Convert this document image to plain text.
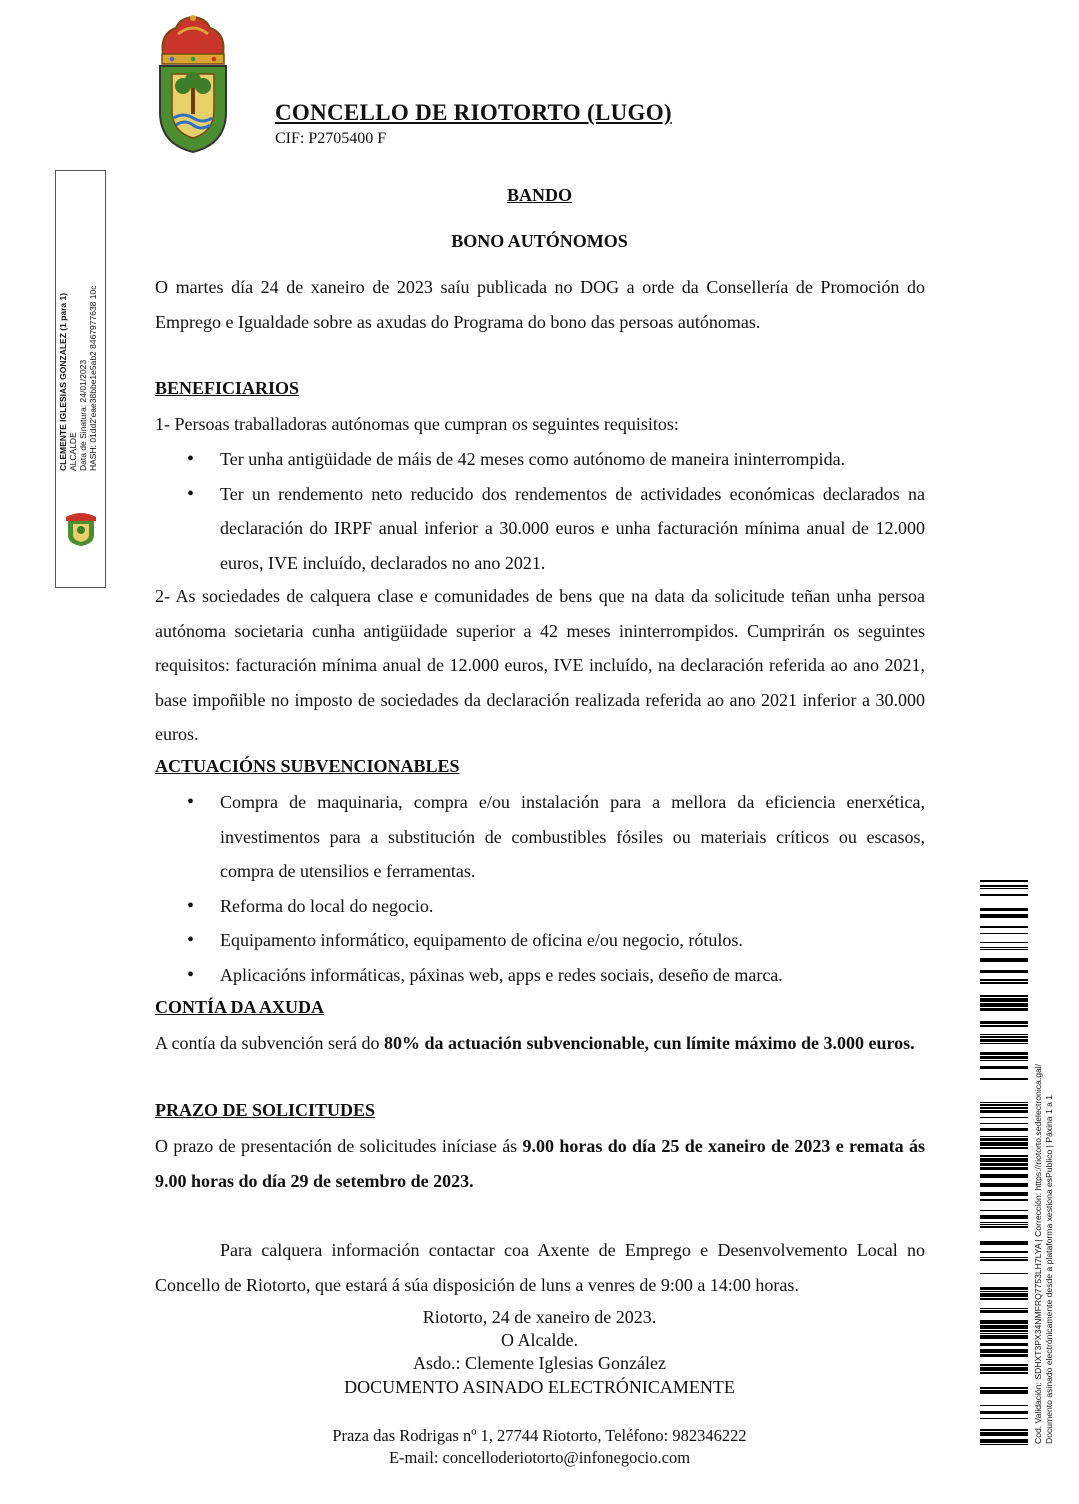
CONCELLO DE RIOTORTO (LUGO)
CIF: P2705400 F
CLEMENTE IGLESIAS GONZALEZ (1 para 1) ALCALDE Data de Sinatura: 24/01/2023 HASH: 01dd2'eae38bbe1e5ab2 8467977638 10c
BANDO
BONO AUTÓNOMOS

O martes día 24 de xaneiro de 2023 saíu publicada no DOG a orde da Consellería de Promoción do Emprego e Igualdade sobre as axudas do Programa do bono das persoas autónomas.

BENEFICIARIOS

1- Persoas traballadoras autónomas que cumpran os seguintes requisitos:

• Ter unha antigüidade de máis de 42 meses como autónomo de maneira ininterrompida.
• Ter un rendemento neto reducido dos rendementos de actividades económicas declarados na declaración do IRPF anual inferior a 30.000 euros e unha facturación mínima anual de 12.000 euros, IVE incluído, declarados no ano 2021.

2- As sociedades de calquera clase e comunidades de bens que na data da solicitude teñan unha persoa autónoma societaria cunha antigüidade superior a 42 meses ininterrompidos. Cumprirán os seguintes requisitos: facturación mínima anual de 12.000 euros, IVE incluído, na declaración referida ao ano 2021, base impoñible no imposto de sociedades da declaración realizada referida ao ano 2021 inferior a 30.000 euros.

ACTUACIÓNS SUBVENCIONABLES
• Compra de maquinaria, compra e/ou instalación para a mellora da eficiencia enerxética, investimentos para a substitución de combustibles fósiles ou materiais críticos ou escasos, compra de utensilios e ferramentas.
• Reforma do local do negocio.
• Equipamento informático, equipamento de oficina e/ou negocio, rótulos.
• Aplicacións informáticas, páxinas web, apps e redes sociais, deseño de marca.
CONTÍA DA AXUDA

A contía da subvención será do 80% da actuación subvencionable, cun límite máximo de 3.000 euros.

PRAZO DE SOLICITUDES

O prazo de presentación de solicitudes iníciase ás 9.00 horas do día 25 de xaneiro de 2023 e remata ás 9.00 horas do día 29 de setembro de 2023.

Para calquera información contactar coa Axente de Emprego e Desenvolvemento Local no Concello de Riotorto, que estará á súa disposición de luns a venres de 9:00 a 14:00 horas.

Riotorto, 24 de xaneiro de 2023.

O Alcalde.

Asdo.: Clemente Iglesias González

DOCUMENTO ASINADO ELECTRÓNICAMENTE

Praza das Rodrigas nº 1, 27744 Riotorto, Teléfono: 982346222

E-mail: concelloderiotorto@infonegocio.com

Cod. Validación: SDHXT3PX34NMFRQ7753LH7LYA | Corrección: https://riotorto.sedelectronica.gal/ Documento asinado electrónicamente desde a plataforma xestiona esPublico | Páxina 1 a 1
